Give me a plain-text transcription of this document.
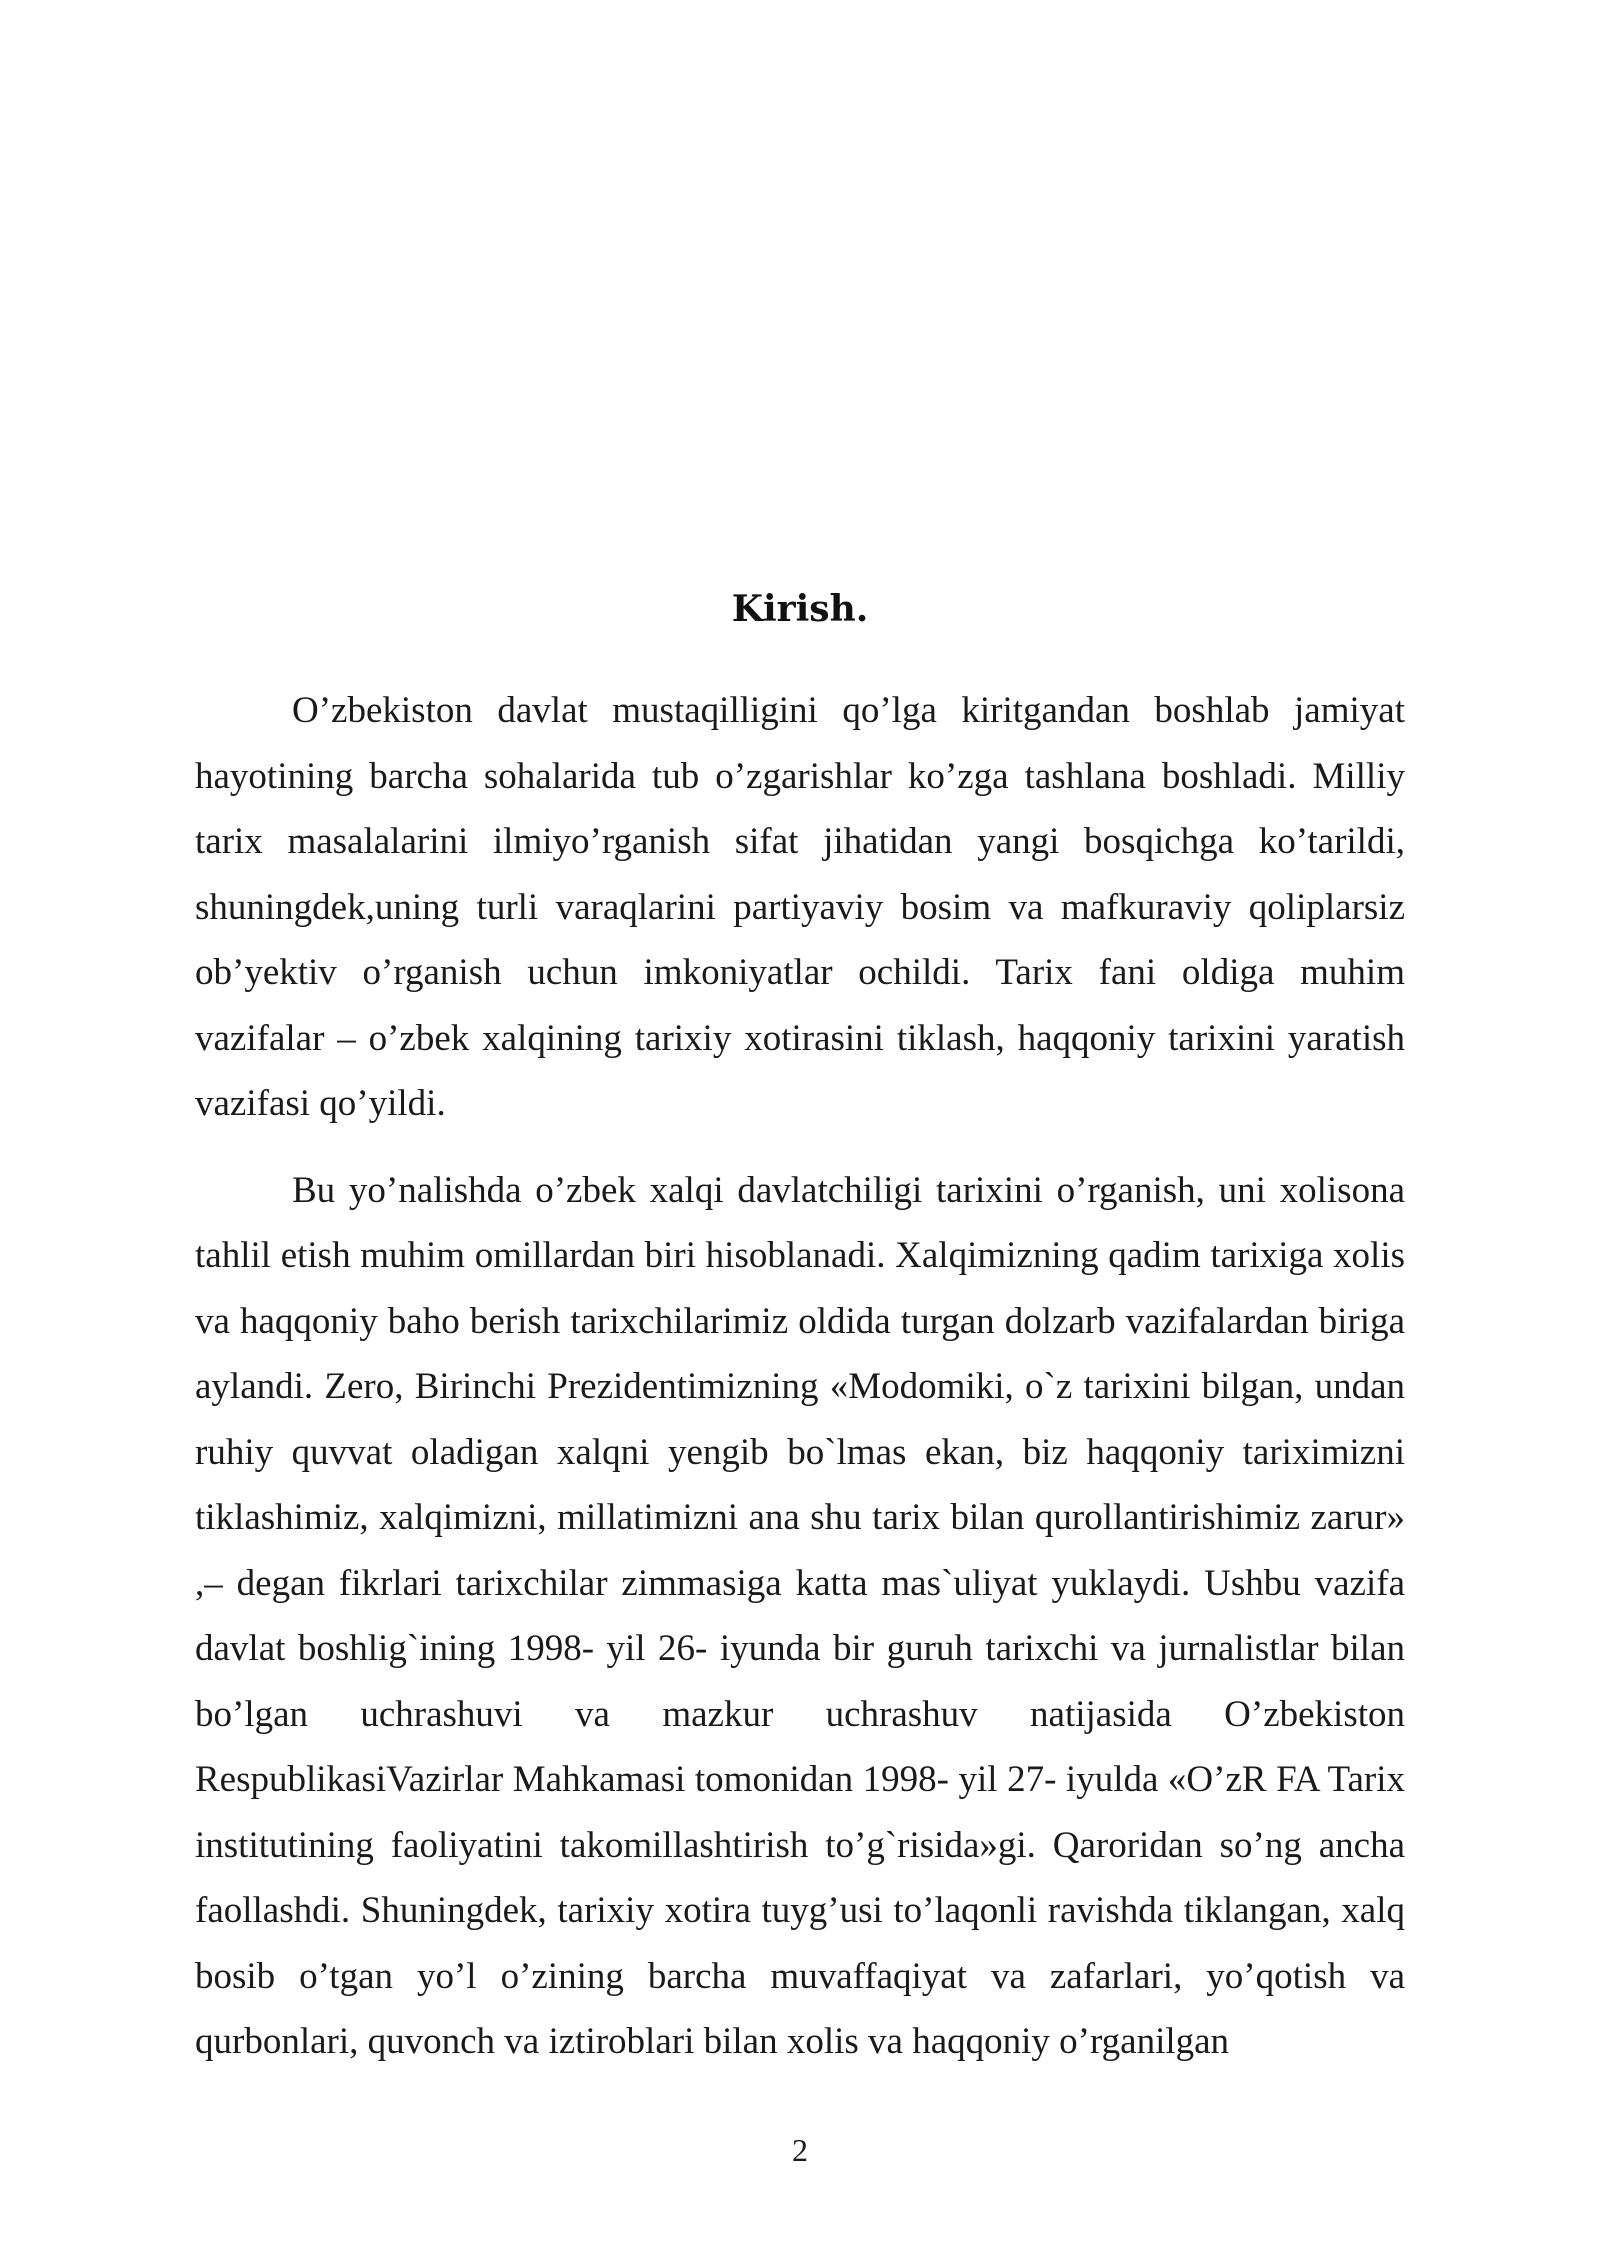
Kirish.

O’zbekiston davlat mustaqilligini qo’lga kiritgandan boshlab jamiyat hayotining barcha sohalarida tub o’zgarishlar ko’zga tashlana boshladi. Milliy tarix masalalarini ilmiyo’rganish sifat jihatidan yangi bosqichga ko’tarildi, shuningdek,uning turli varaqlarini partiyaviy bosim va mafkuraviy qoliplarsiz ob’yektiv o’rganish uchun imkoniyatlar ochildi. Tarix fani oldiga muhim vazifalar – o’zbek xalqining tarixiy xotirasini tiklash, haqqoniy tarixini yaratish vazifasi qo’yildi.

Bu yo’nalishda o’zbek xalqi davlatchiligi tarixini o’rganish, uni xolisona tahlil etish muhim omillardan biri hisoblanadi. Xalqimizning qadim tarixiga xolis va haqqoniy baho berish tarixchilarimiz oldida turgan dolzarb vazifalardan biriga aylandi. Zero, Birinchi Prezidentimizning «Modomiki, o`z tarixini bilgan, undan ruhiy quvvat oladigan xalqni yengib bo`lmas ekan, biz haqqoniy tariximizni tiklashimiz, xalqimizni, millatimizni ana shu tarix bilan qurollantirishimiz zarur» ,– degan fikrlari tarixchilar zimmasiga katta mas`uliyat yuklaydi. Ushbu vazifa davlat boshlig`ining 1998- yil 26- iyunda bir guruh tarixchi va jurnalistlar bilan bo’lgan uchrashuvi va mazkur uchrashuv natijasida O’zbekiston RespublikasiVazirlar Mahkamasi tomonidan 1998- yil 27- iyulda «O’zR FA Tarix institutining faoliyatini takomillashtirish to’g`risida»gi. Qaroridan so’ng ancha faollashdi. Shuningdek, tarixiy xotira tuyg’usi to’laqonli ravishda tiklangan, xalq bosib o’tgan yo’l o’zining barcha muvaffaqiyat va zafarlari, yo’qotish va qurbonlari, quvonch va iztiroblari bilan xolis va haqqoniy o’rganilgan

2
